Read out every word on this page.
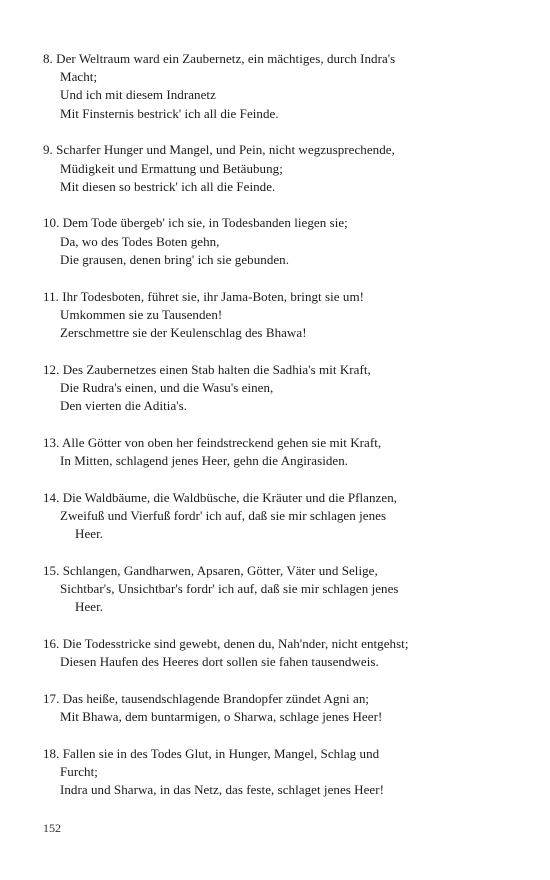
8. Der Weltraum ward ein Zaubernetz, ein mächtiges, durch Indra's
Macht;
Und ich mit diesem Indranetz
Mit Finsternis bestrick' ich all die Feinde.
9. Scharfer Hunger und Mangel, und Pein, nicht wegzusprechende,
Müdigkeit und Ermattung und Betäubung;
Mit diesen so bestrick' ich all die Feinde.
10. Dem Tode übergeb' ich sie, in Todesbanden liegen sie;
Da, wo des Todes Boten gehn,
Die grausen, denen bring' ich sie gebunden.
11. Ihr Todesboten, führet sie, ihr Jama-Boten, bringt sie um!
Umkommen sie zu Tausenden!
Zerschmettre sie der Keulenschlag des Bhawa!
12. Des Zaubernetzes einen Stab halten die Sadhia's mit Kraft,
Die Rudra's einen, und die Wasu's einen,
Den vierten die Aditia's.
13. Alle Götter von oben her feindstreckend gehen sie mit Kraft,
In Mitten, schlagend jenes Heer, gehn die Angirasiden.
14. Die Waldbäume, die Waldbüsche, die Kräuter und die Pflanzen,
Zweifuß und Vierfuß fordr' ich auf, daß sie mir schlagen jenes
Heer.
15. Schlangen, Gandharwen, Apsaren, Götter, Väter und Selige,
Sichtbar's, Unsichtbar's fordr' ich auf, daß sie mir schlagen jenes
Heer.
16. Die Todesstricke sind gewebt, denen du, Nah'nder, nicht entgehst;
Diesen Haufen des Heeres dort sollen sie fahen tausendweis.
17. Das heiße, tausendschlagende Brandopfer zündet Agni an;
Mit Bhawa, dem buntarmigen, o Sharwa, schlage jenes Heer!
18. Fallen sie in des Todes Glut, in Hunger, Mangel, Schlag und
Furcht;
Indra und Sharwa, in das Netz, das feste, schlaget jenes Heer!
152
